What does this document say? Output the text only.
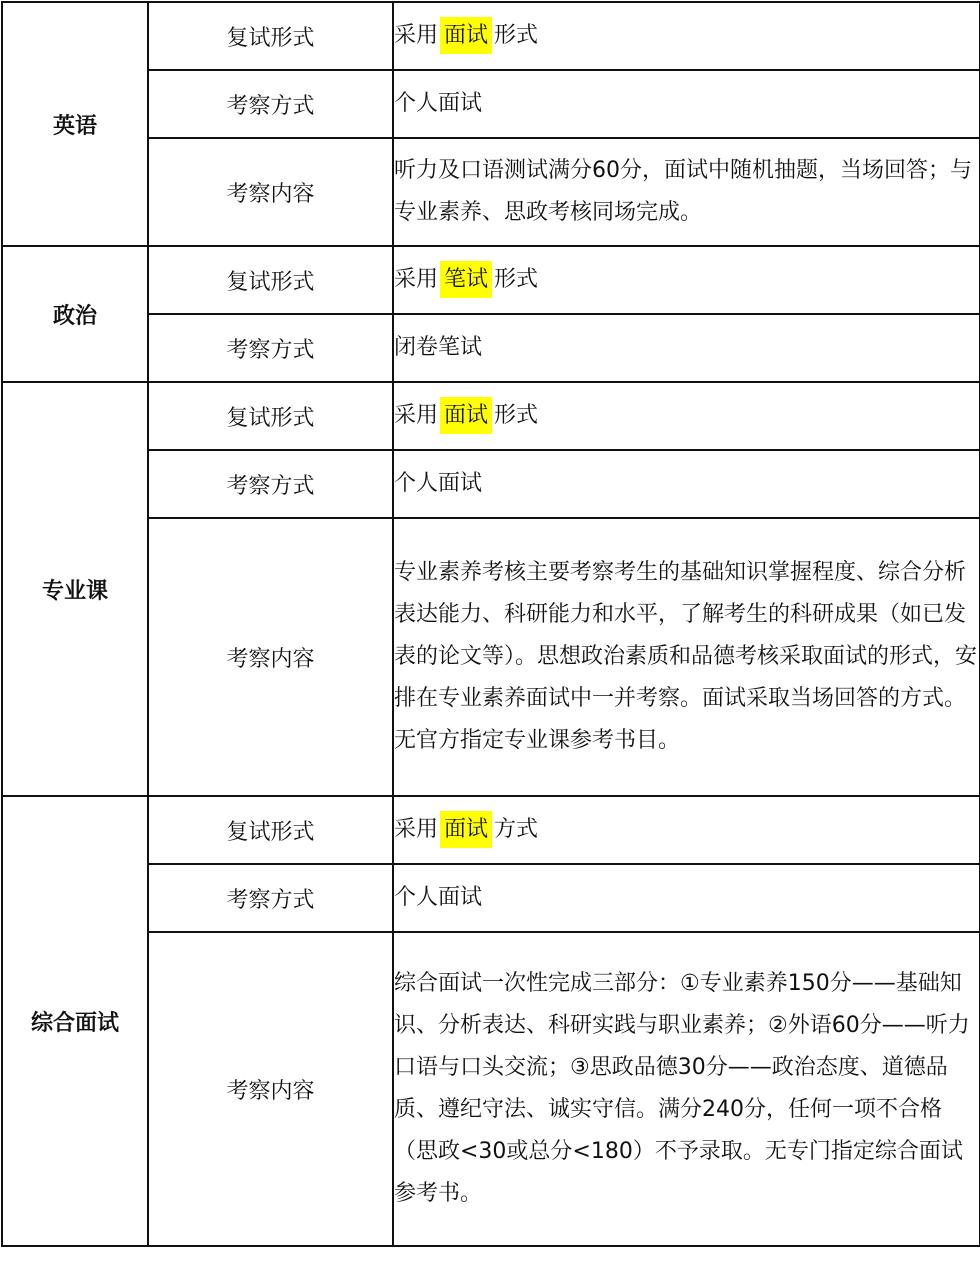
英语	复试形式	采用 面试 形式
	考察方式	个人面试
	考察内容	听力及口语测试满分60分，面试中随机抽题，当场回答；与专业素养、思政考核同场完成。
政治	复试形式	采用 笔试 形式
	考察方式	闭卷笔试
专业课	复试形式	采用 面试 形式
	考察方式	个人面试
	考察内容	专业素养考核主要考察考生的基础知识掌握程度、综合分析表达能力、科研能力和水平，了解考生的科研成果（如已发表的论文等）。思想政治素质和品德考核采取面试的形式，安排在专业素养面试中一并考察。面试采取当场回答的方式。无官方指定专业课参考书目。
综合面试	复试形式	采用 面试 方式
	考察方式	个人面试
	考察内容	综合面试一次性完成三部分：①专业素养150分——基础知识、分析表达、科研实践与职业素养；②外语60分——听力口语与口头交流；③思政品德30分——政治态度、道德品质、遵纪守法、诚实守信。满分240分，任何一项不合格（思政<30或总分<180）不予录取。无专门指定综合面试参考书。
